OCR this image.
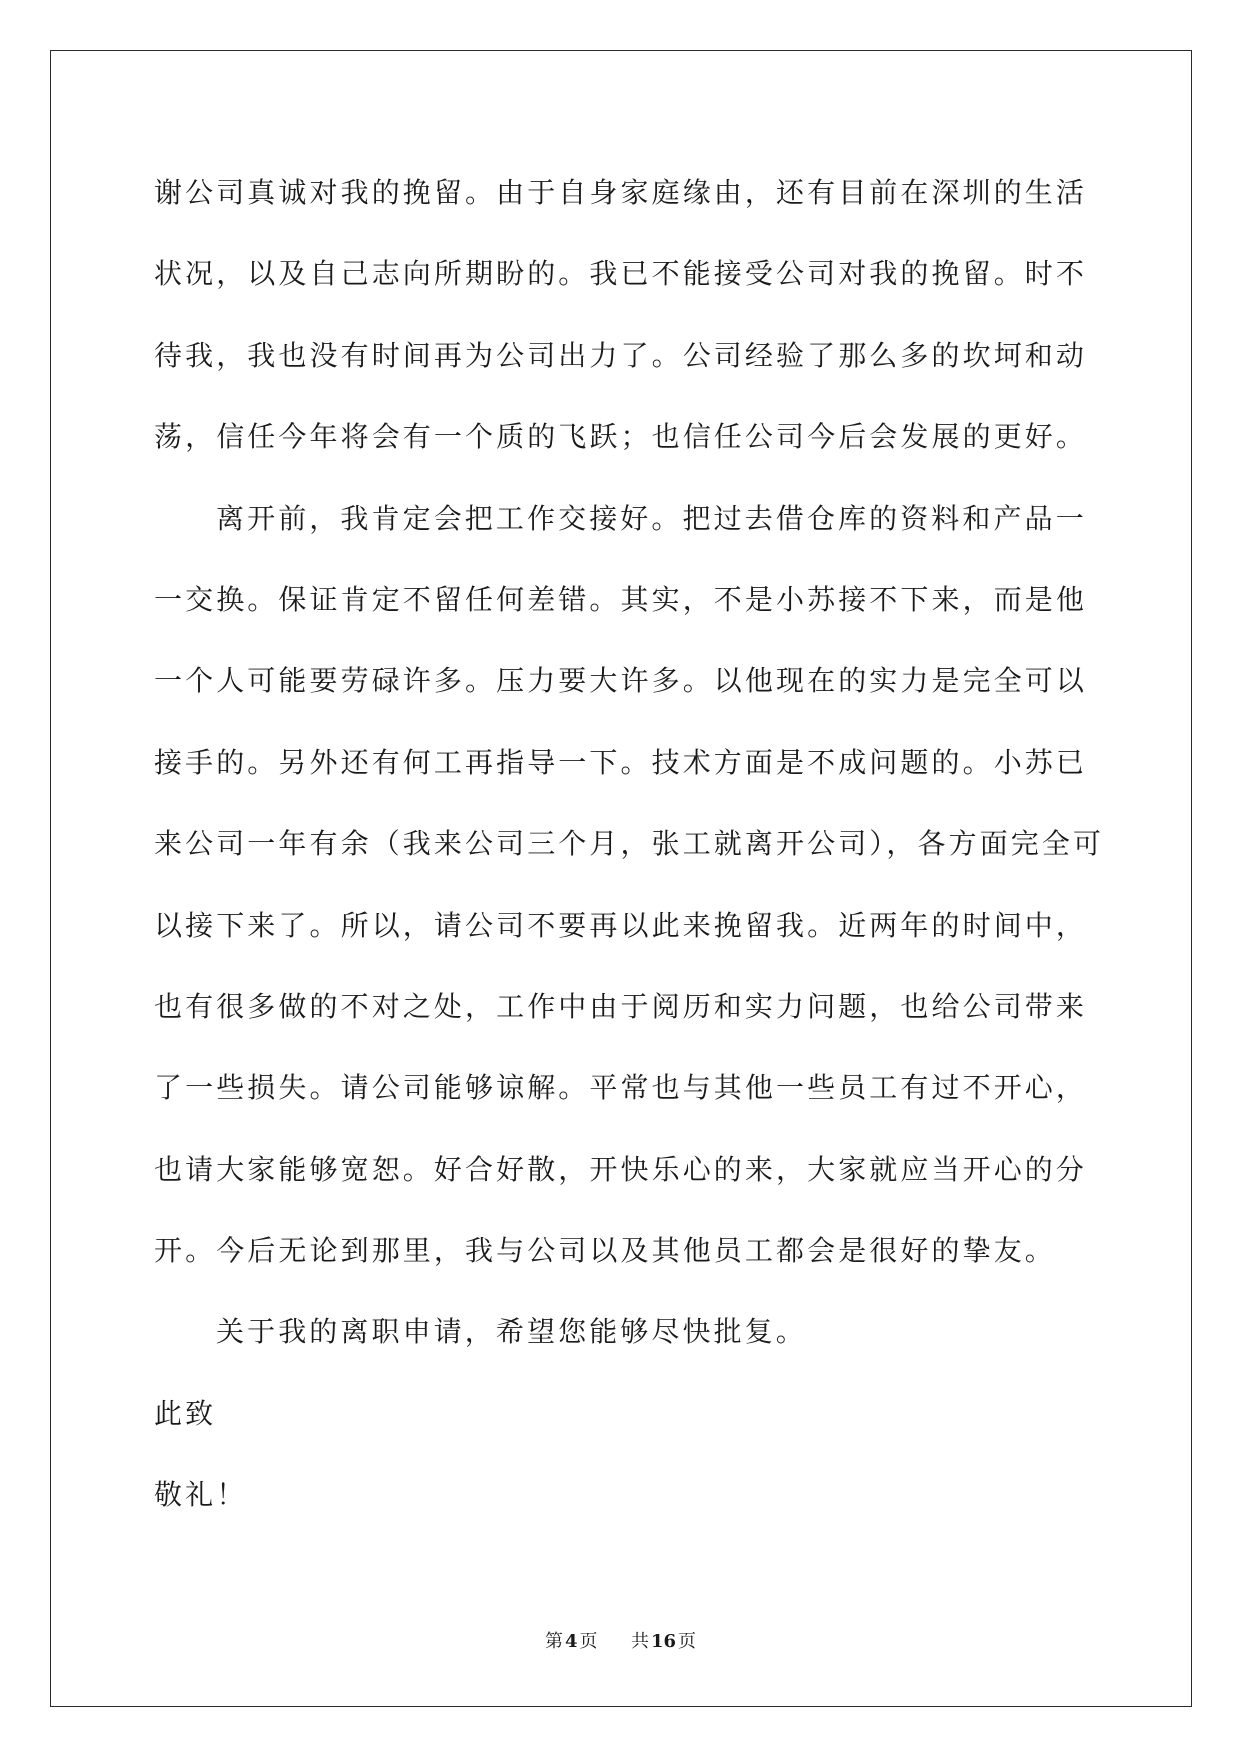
谢公司真诚对我的挽留。由于自身家庭缘由，还有目前在深圳的生活
状况，以及自己志向所期盼的。我已不能接受公司对我的挽留。时不
待我，我也没有时间再为公司出力了。公司经验了那么多的坎坷和动
荡，信任今年将会有一个质的飞跃；也信任公司今后会发展的更好。
离开前，我肯定会把工作交接好。把过去借仓库的资料和产品一
一交换。保证肯定不留任何差错。其实，不是小苏接不下来，而是他
一个人可能要劳碌许多。压力要大许多。以他现在的实力是完全可以
接手的。另外还有何工再指导一下。技术方面是不成问题的。小苏已
来公司一年有余（我来公司三个月，张工就离开公司），各方面完全可
以接下来了。所以，请公司不要再以此来挽留我。近两年的时间中，
也有很多做的不对之处，工作中由于阅历和实力问题，也给公司带来
了一些损失。请公司能够谅解。平常也与其他一些员工有过不开心，
也请大家能够宽恕。好合好散，开快乐心的来，大家就应当开心的分
开。今后无论到那里，我与公司以及其他员工都会是很好的挚友。
关于我的离职申请，希望您能够尽快批复。
此致
敬礼！
第 4 页 共 16 页
